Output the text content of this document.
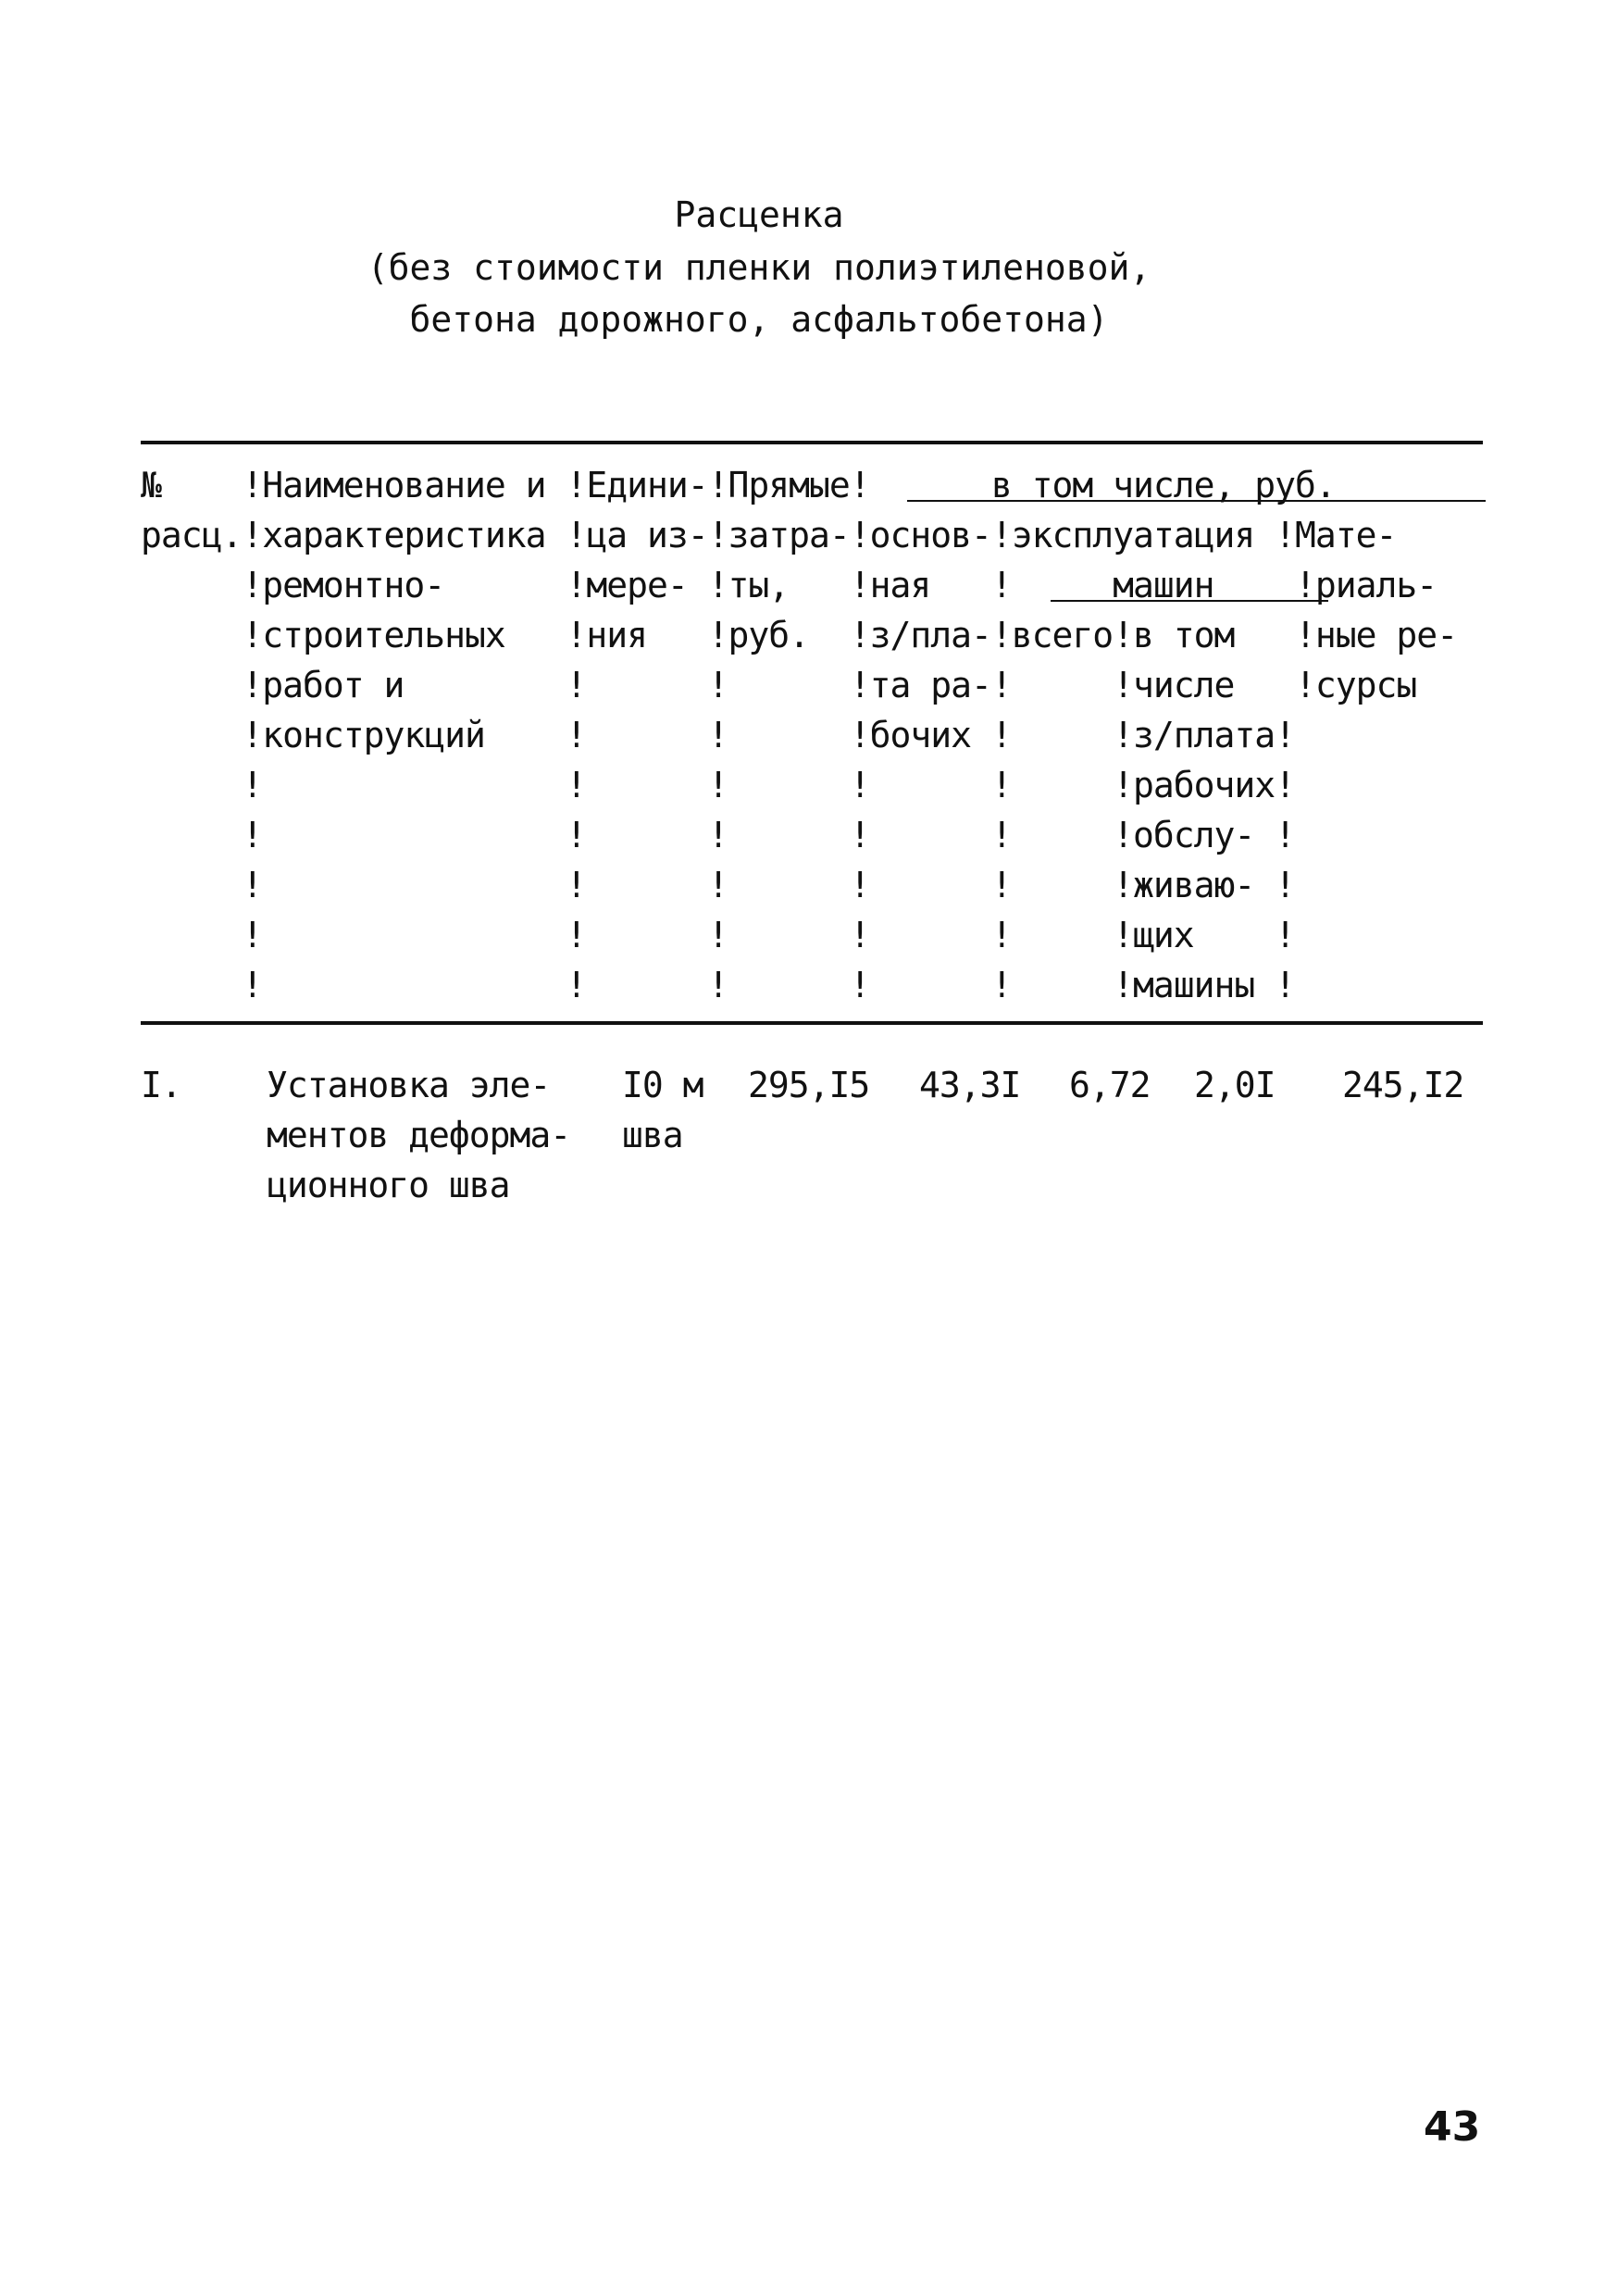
Расценка
(без стоимости пленки полиэтиленовой,
бетона дорожного, асфальтобетона)
№    !Наименование и !Едини-!Прямые!      в том числе, руб.
расц.!характеристика !ца из-!затра-!основ-!эксплуатация !Мате-
!ремонтно-      !мере- !ты,   !ная   !     машин    !риаль-
!строительных   !ния   !руб.  !з/пла-!всего!в том   !ные ре-
!работ и        !      !      !та ра-!     !числе   !сурсы
!конструкций    !      !      !бочих !     !з/плата!
!               !      !      !      !     !рабочих!
!               !      !      !      !     !обслу- !
!               !      !      !      !     !живаю- !
!               !      !      !      !     !щих    !
!               !      !      !      !     !машины !
I. Установка эле-
ментов деформа-
ционного шва
I0 м
шва
295,I5 43,3I 6,72 2,0I 245,I2
43
